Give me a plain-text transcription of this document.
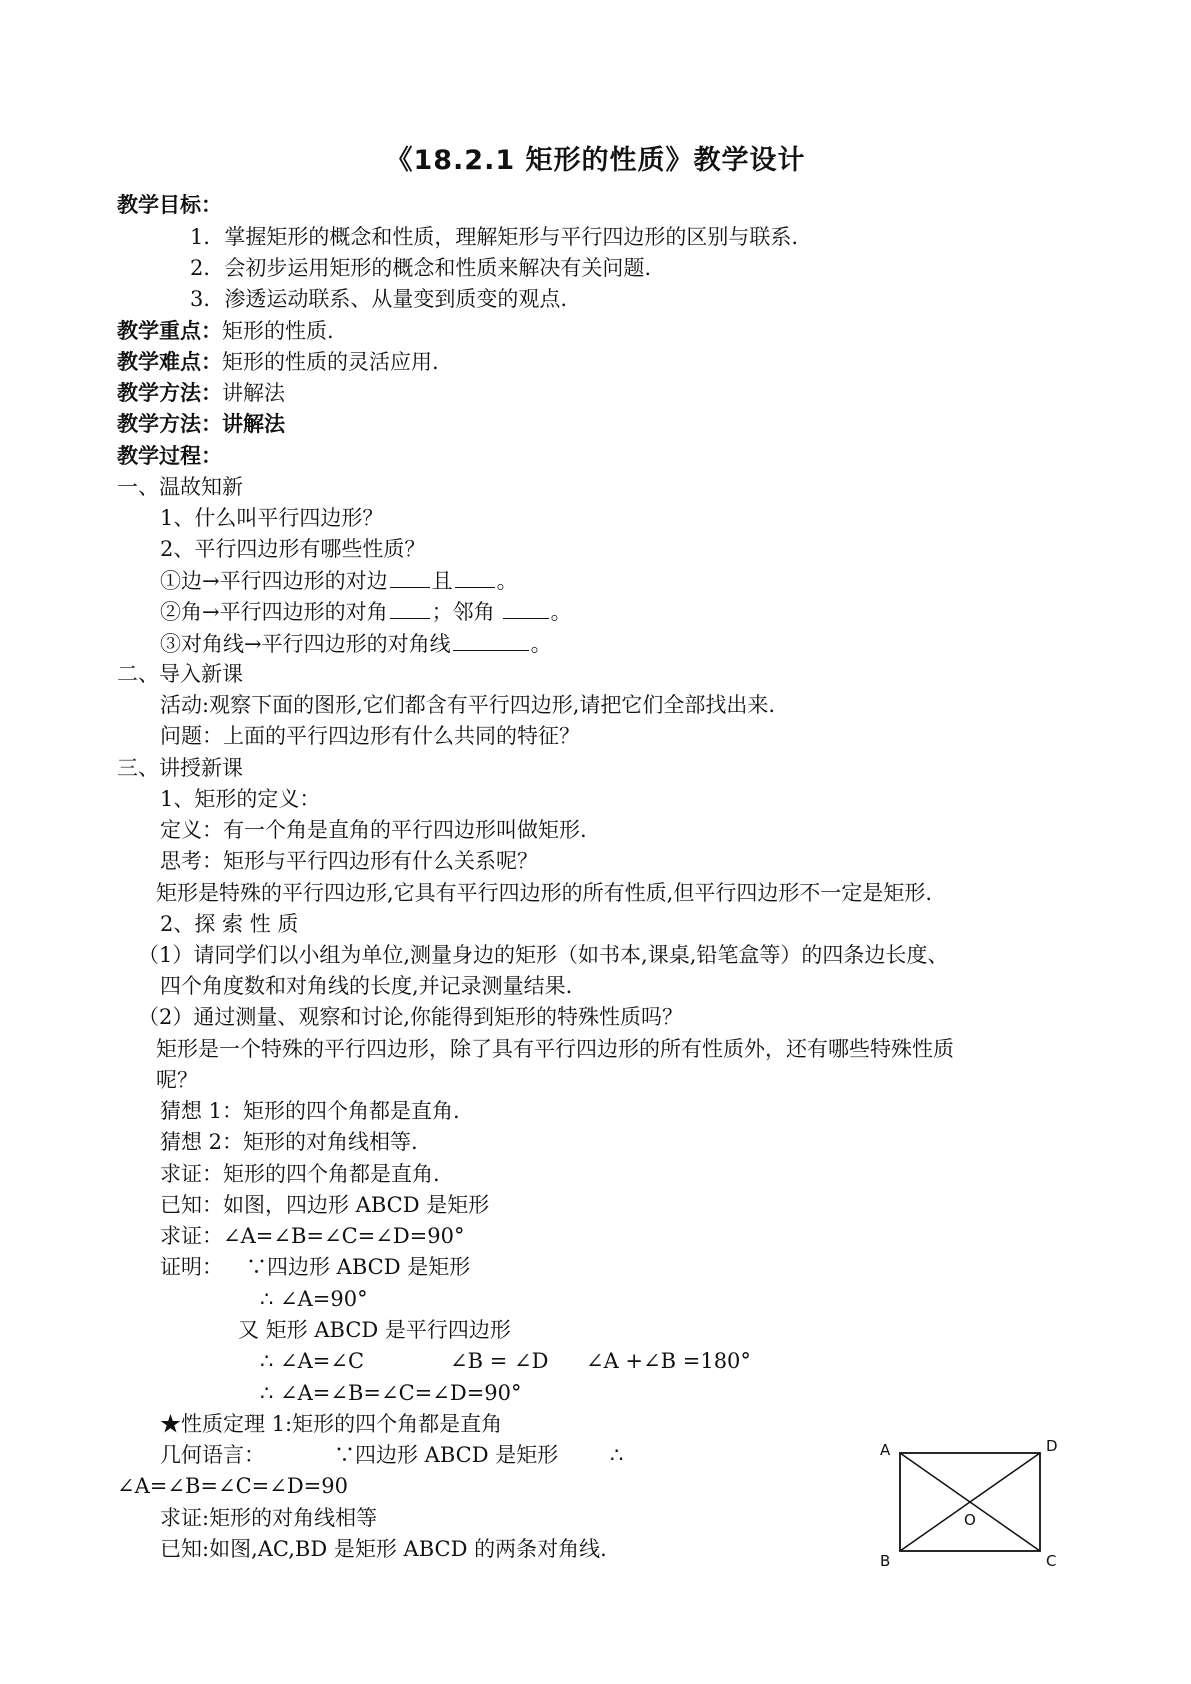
《18.2.1 矩形的性质》教学设计
教学目标：
1．掌握矩形的概念和性质，理解矩形与平行四边形的区别与联系.
2．会初步运用矩形的概念和性质来解决有关问题.
3．渗透运动联系、从量变到质变的观点.
教学重点：矩形的性质.
教学难点：矩形的性质的灵活应用.
教学方法：讲解法
教学方法：讲解法
教学过程：
一、温故知新
1、什么叫平行四边形？
2、平行四边形有哪些性质？
①边→平行四边形的对边 且 。
②角→平行四边形的对角 ；邻角	。
③对角线→平行四边形的对角线	。
二、导入新课
活动:观察下面的图形,它们都含有平行四边形,请把它们全部找出来.
问题：上面的平行四边形有什么共同的特征？
三、讲授新课
1、矩形的定义：
定义：有一个角是直角的平行四边形叫做矩形.
思考：矩形与平行四边形有什么关系呢？
矩形是特殊的平行四边形,它具有平行四边形的所有性质,但平行四边形不一定是矩形.
2、探 索 性 质
（1）请同学们以小组为单位,测量身边的矩形（如书本,课桌,铅笔盒等）的四条边长度、
四个角度数和对角线的长度,并记录测量结果.
（2）通过测量、观察和讨论,你能得到矩形的特殊性质吗？
矩形是一个特殊的平行四边形，除了具有平行四边形的所有性质外，还有哪些特殊性质
呢？
猜想 1：矩形的四个角都是直角.
猜想 2：矩形的对角线相等.
求证：矩形的四个角都是直角.
已知：如图，四边形 ABCD 是矩形
求证：∠A=∠B=∠C=∠D=90°
证明： ∵四边形 ABCD 是矩形
∴ ∠A=90°
又 矩形 ABCD 是平行四边形
∴ ∠A=∠C	∠B = ∠D ∠A +∠B =180°
∴ ∠A=∠B=∠C=∠D=90°
★性质定理 1:矩形的四个角都是直角
几何语言：	∵四边形 ABCD 是矩形 ∴
∠A=∠B=∠C=∠D=90
求证:矩形的对角线相等
已知:如图,AC,BD 是矩形 ABCD 的两条对角线.
A	D
B	C
O
